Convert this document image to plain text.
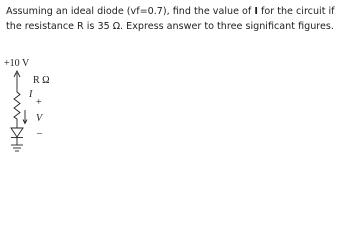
Assuming an ideal diode (vf=0.7), find the value of I for the circuit if the resistance R is 35 Ω. Express answer to three significant figures.

+10 V
I
R Ω
+
V
–
